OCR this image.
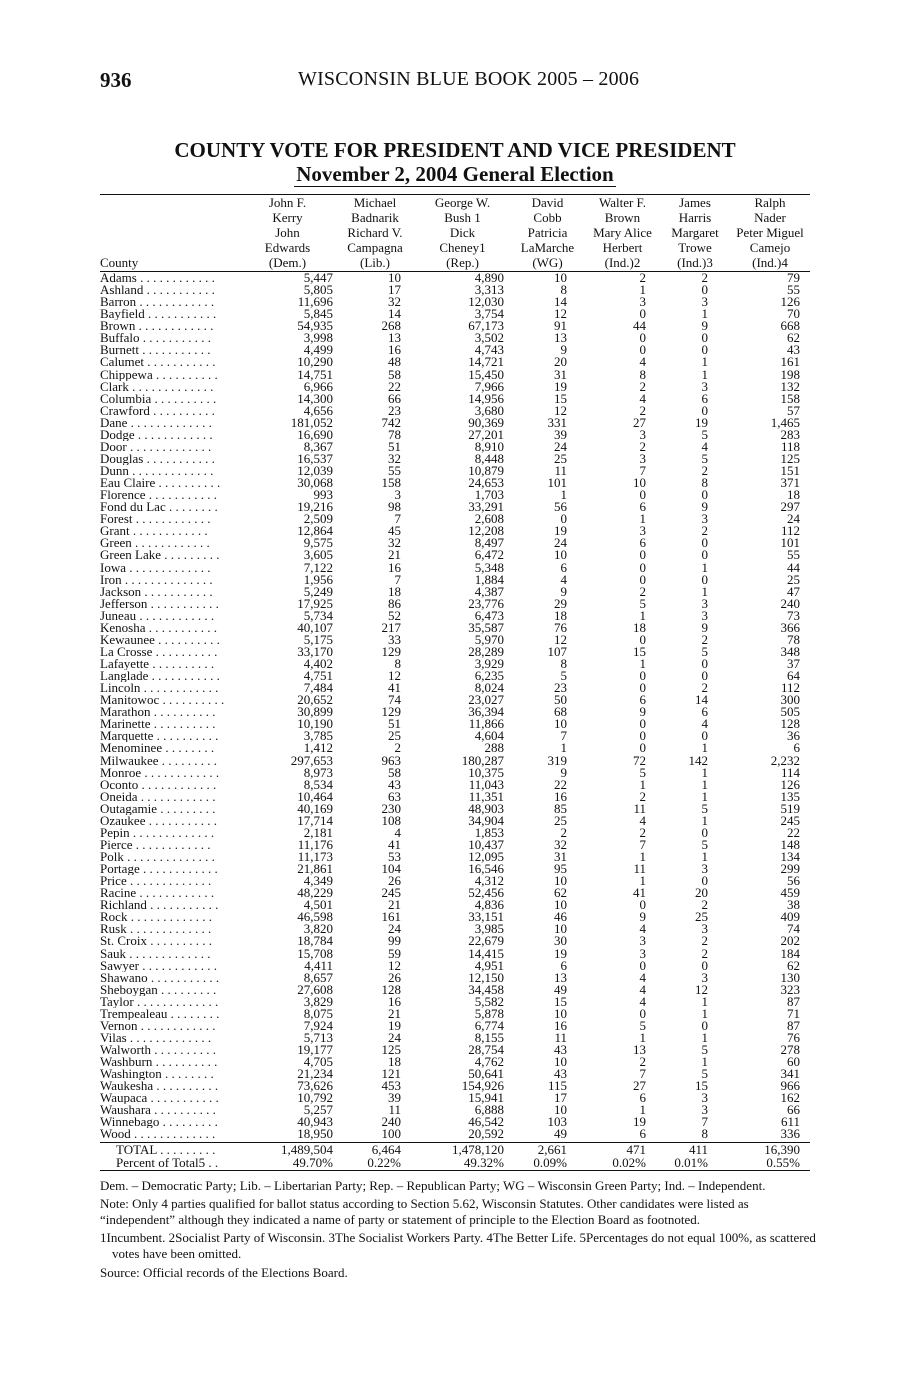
936	WISCONSIN BLUE BOOK 2005 – 2006
COUNTY VOTE FOR PRESIDENT AND VICE PRESIDENT
November 2, 2004 General Election
	John F.	Michael	George W.	David	Walter F.	James	Ralph
	Kerry	Badnarik	Bush 1	Cobb	Brown	Harris	Nader
	John	Richard V.	Dick	Patricia	Mary Alice	Margaret	Peter Miguel
	Edwards	Campagna	Cheney1	LaMarche	Herbert	Trowe	Camejo
County	(Dem.)	(Lib.)	(Rep.)	(WG)	(Ind.)2	(Ind.)3	(Ind.)4
Adams . . . . . . . . . . . .	5,447	10	4,890	10	2	2	79
Ashland . . . . . . . . . . .	5,805	17	3,313	8	1	0	55
Barron . . . . . . . . . . . .	11,696	32	12,030	14	3	3	126
Bayfield . . . . . . . . . . .	5,845	14	3,754	12	0	1	70
Brown . . . . . . . . . . . .	54,935	268	67,173	91	44	9	668
Buffalo . . . . . . . . . . .	3,998	13	3,502	13	0	0	62
Burnett . . . . . . . . . . .	4,499	16	4,743	9	0	0	43
Calumet . . . . . . . . . . .	10,290	48	14,721	20	4	1	161
Chippewa . . . . . . . . . .	14,751	58	15,450	31	8	1	198
Clark . . . . . . . . . . . . .	6,966	22	7,966	19	2	3	132
Columbia . . . . . . . . . .	14,300	66	14,956	15	4	6	158
Crawford . . . . . . . . . .	4,656	23	3,680	12	2	0	57
Dane . . . . . . . . . . . . .	181,052	742	90,369	331	27	19	1,465
Dodge . . . . . . . . . . . .	16,690	78	27,201	39	3	5	283
Door . . . . . . . . . . . . .	8,367	51	8,910	24	2	4	118
Douglas . . . . . . . . . . .	16,537	32	8,448	25	3	5	125
Dunn . . . . . . . . . . . . .	12,039	55	10,879	11	7	2	151
Eau Claire . . . . . . . . . .	30,068	158	24,653	101	10	8	371
Florence . . . . . . . . . . .	993	3	1,703	1	0	0	18
Fond du Lac . . . . . . . .	19,216	98	33,291	56	6	9	297
Forest . . . . . . . . . . . .	2,509	7	2,608	0	1	3	24
Grant . . . . . . . . . . . .	12,864	45	12,208	19	3	2	112
Green . . . . . . . . . . . .	9,575	32	8,497	24	6	0	101
Green Lake . . . . . . . . .	3,605	21	6,472	10	0	0	55
Iowa . . . . . . . . . . . . .	7,122	16	5,348	6	0	1	44
Iron . . . . . . . . . . . . . .	1,956	7	1,884	4	0	0	25
Jackson . . . . . . . . . . .	5,249	18	4,387	9	2	1	47
Jefferson . . . . . . . . . . .	17,925	86	23,776	29	5	3	240
Juneau . . . . . . . . . . . .	5,734	52	6,473	18	1	3	73
Kenosha . . . . . . . . . . .	40,107	217	35,587	76	18	9	366
Kewaunee . . . . . . . . . .	5,175	33	5,970	12	0	2	78
La Crosse . . . . . . . . . .	33,170	129	28,289	107	15	5	348
Lafayette . . . . . . . . . .	4,402	8	3,929	8	1	0	37
Langlade . . . . . . . . . . .	4,751	12	6,235	5	0	0	64
Lincoln . . . . . . . . . . . .	7,484	41	8,024	23	0	2	112
Manitowoc . . . . . . . . . .	20,652	74	23,027	50	6	14	300
Marathon . . . . . . . . . .	30,899	129	36,394	68	9	6	505
Marinette . . . . . . . . . .	10,190	51	11,866	10	0	4	128
Marquette . . . . . . . . . .	3,785	25	4,604	7	0	0	36
Menominee . . . . . . . .	1,412	2	288	1	0	1	6
Milwaukee . . . . . . . . .	297,653	963	180,287	319	72	142	2,232
Monroe . . . . . . . . . . . .	8,973	58	10,375	9	5	1	114
Oconto . . . . . . . . . . . .	8,534	43	11,043	22	1	1	126
Oneida . . . . . . . . . . . .	10,464	63	11,351	16	2	1	135
Outagamie . . . . . . . . .	40,169	230	48,903	85	11	5	519
Ozaukee . . . . . . . . . . .	17,714	108	34,904	25	4	1	245
Pepin . . . . . . . . . . . . .	2,181	4	1,853	2	2	0	22
Pierce . . . . . . . . . . . .	11,176	41	10,437	32	7	5	148
Polk . . . . . . . . . . . . . .	11,173	53	12,095	31	1	1	134
Portage . . . . . . . . . . . .	21,861	104	16,546	95	11	3	299
Price . . . . . . . . . . . . .	4,349	26	4,312	10	1	0	56
Racine . . . . . . . . . . . .	48,229	245	52,456	62	41	20	459
Richland . . . . . . . . . . .	4,501	21	4,836	10	0	2	38
Rock . . . . . . . . . . . . .	46,598	161	33,151	46	9	25	409
Rusk . . . . . . . . . . . . .	3,820	24	3,985	10	4	3	74
St. Croix . . . . . . . . . .	18,784	99	22,679	30	3	2	202
Sauk . . . . . . . . . . . . .	15,708	59	14,415	19	3	2	184
Sawyer . . . . . . . . . . . .	4,411	12	4,951	6	0	0	62
Shawano . . . . . . . . . . .	8,657	26	12,150	13	4	3	130
Sheboygan . . . . . . . . .	27,608	128	34,458	49	4	12	323
Taylor . . . . . . . . . . . . .	3,829	16	5,582	15	4	1	87
Trempealeau . . . . . . . .	8,075	21	5,878	10	0	1	71
Vernon . . . . . . . . . . . .	7,924	19	6,774	16	5	0	87
Vilas . . . . . . . . . . . . .	5,713	24	8,155	11	1	1	76
Walworth . . . . . . . . . .	19,177	125	28,754	43	13	5	278
Washburn . . . . . . . . . .	4,705	18	4,762	10	2	1	60
Washington . . . . . . . .	21,234	121	50,641	43	7	5	341
Waukesha . . . . . . . . . .	73,626	453	154,926	115	27	15	966
Waupaca . . . . . . . . . . .	10,792	39	15,941	17	6	3	162
Waushara . . . . . . . . . .	5,257	11	6,888	10	1	3	66
Winnebago . . . . . . . . .	40,943	240	46,542	103	19	7	611
Wood . . . . . . . . . . . . .	18,950	100	20,592	49	6	8	336
TOTAL . . . . . . . . .	1,489,504	6,464	1,478,120	2,661	471	411	16,390
Percent of Total5 . .	49.70%	0.22%	49.32%	0.09%	0.02%	0.01%	0.55%
Dem. – Democratic Party; Lib. – Libertarian Party; Rep. – Republican Party; WG – Wisconsin Green Party; Ind. – Independent.
Note: Only 4 parties qualified for ballot status according to Section 5.62, Wisconsin Statutes. Other candidates were listed as “independent” although they indicated a name of party or statement of principle to the Election Board as footnoted.
1Incumbent. 2Socialist Party of Wisconsin. 3The Socialist Workers Party. 4The Better Life. 5Percentages do not equal 100%, as scattered votes have been omitted.
Source: Official records of the Elections Board.
